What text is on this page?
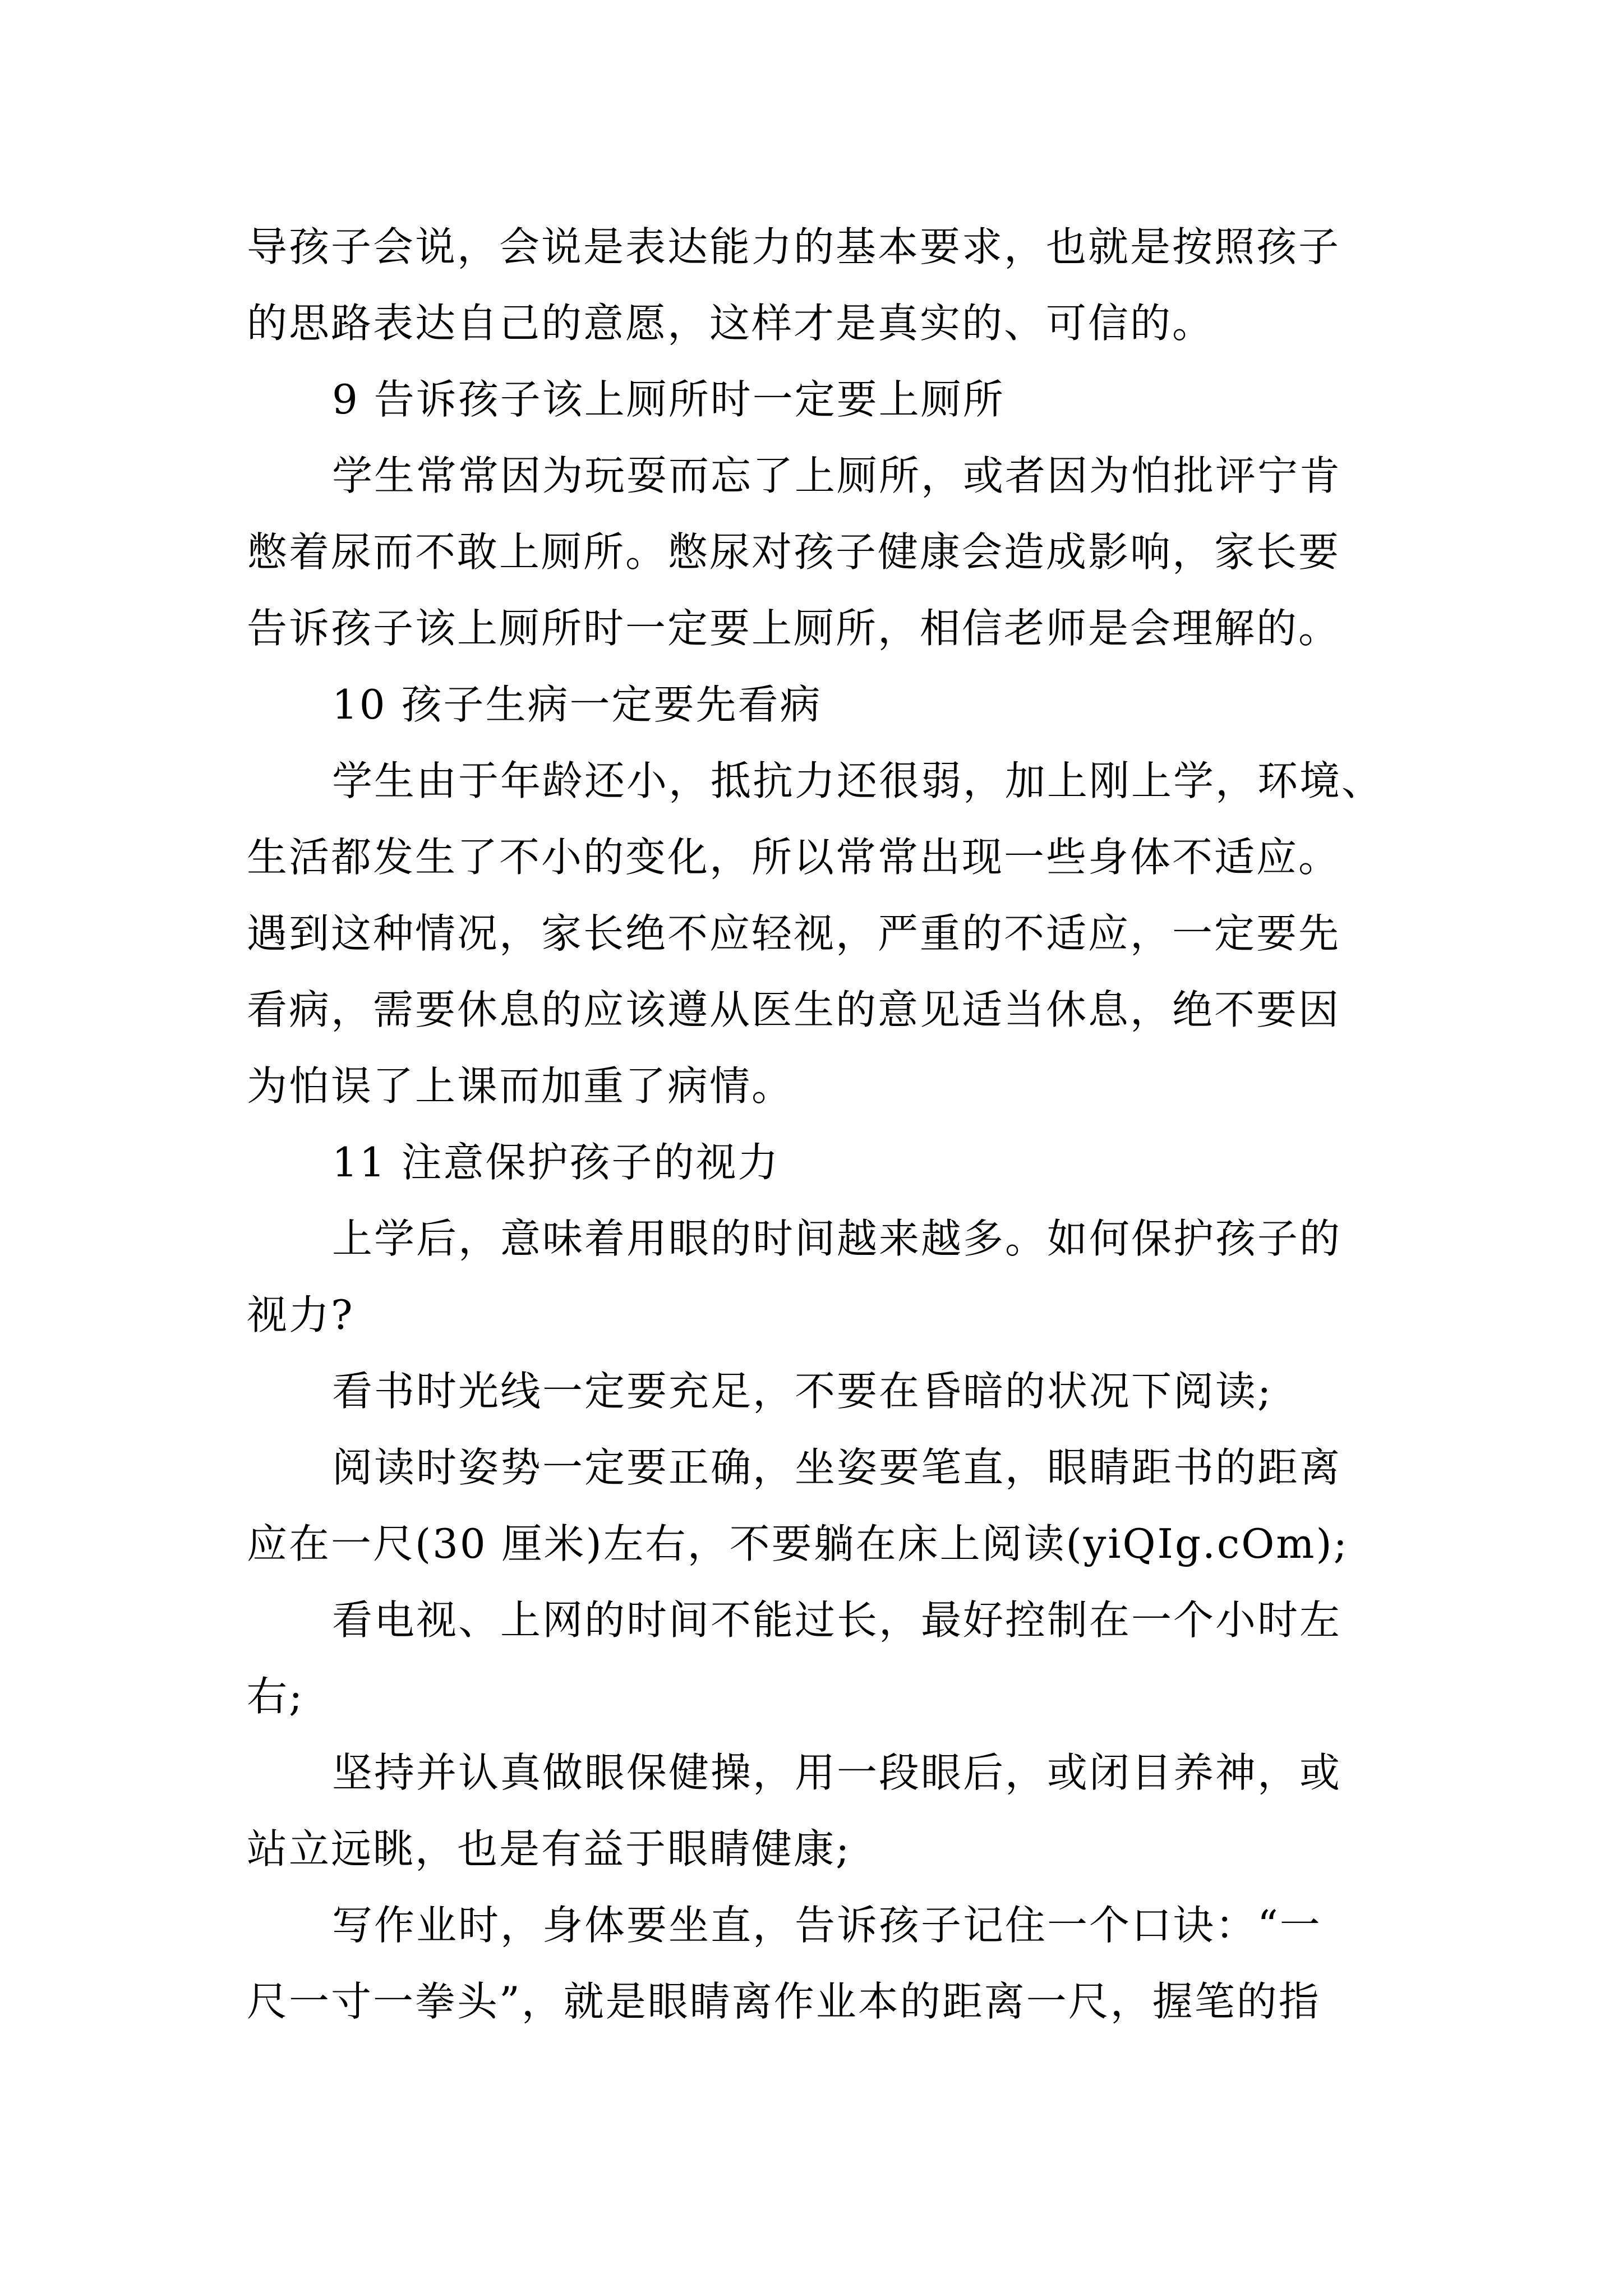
导孩子会说，会说是表达能力的基本要求，也就是按照孩子
的思路表达自己的意愿，这样才是真实的、可信的。
9 告诉孩子该上厕所时一定要上厕所
学生常常因为玩耍而忘了上厕所，或者因为怕批评宁肯
憋着尿而不敢上厕所。憋尿对孩子健康会造成影响，家长要
告诉孩子该上厕所时一定要上厕所，相信老师是会理解的。
10 孩子生病一定要先看病
学生由于年龄还小，抵抗力还很弱，加上刚上学，环境、
生活都发生了不小的变化，所以常常出现一些身体不适应。
遇到这种情况，家长绝不应轻视，严重的不适应，一定要先
看病，需要休息的应该遵从医生的意见适当休息，绝不要因
为怕误了上课而加重了病情。
11 注意保护孩子的视力
上学后，意味着用眼的时间越来越多。如何保护孩子的
视力?
看书时光线一定要充足，不要在昏暗的状况下阅读;
阅读时姿势一定要正确，坐姿要笔直，眼睛距书的距离
应在一尺(30 厘米)左右，不要躺在床上阅读(yiQIg.cOm);
看电视、上网的时间不能过长，最好控制在一个小时左
右;
坚持并认真做眼保健操，用一段眼后，或闭目养神，或
站立远眺，也是有益于眼睛健康;
写作业时，身体要坐直，告诉孩子记住一个口诀：“一
尺一寸一拳头”，就是眼睛离作业本的距离一尺，握笔的指
